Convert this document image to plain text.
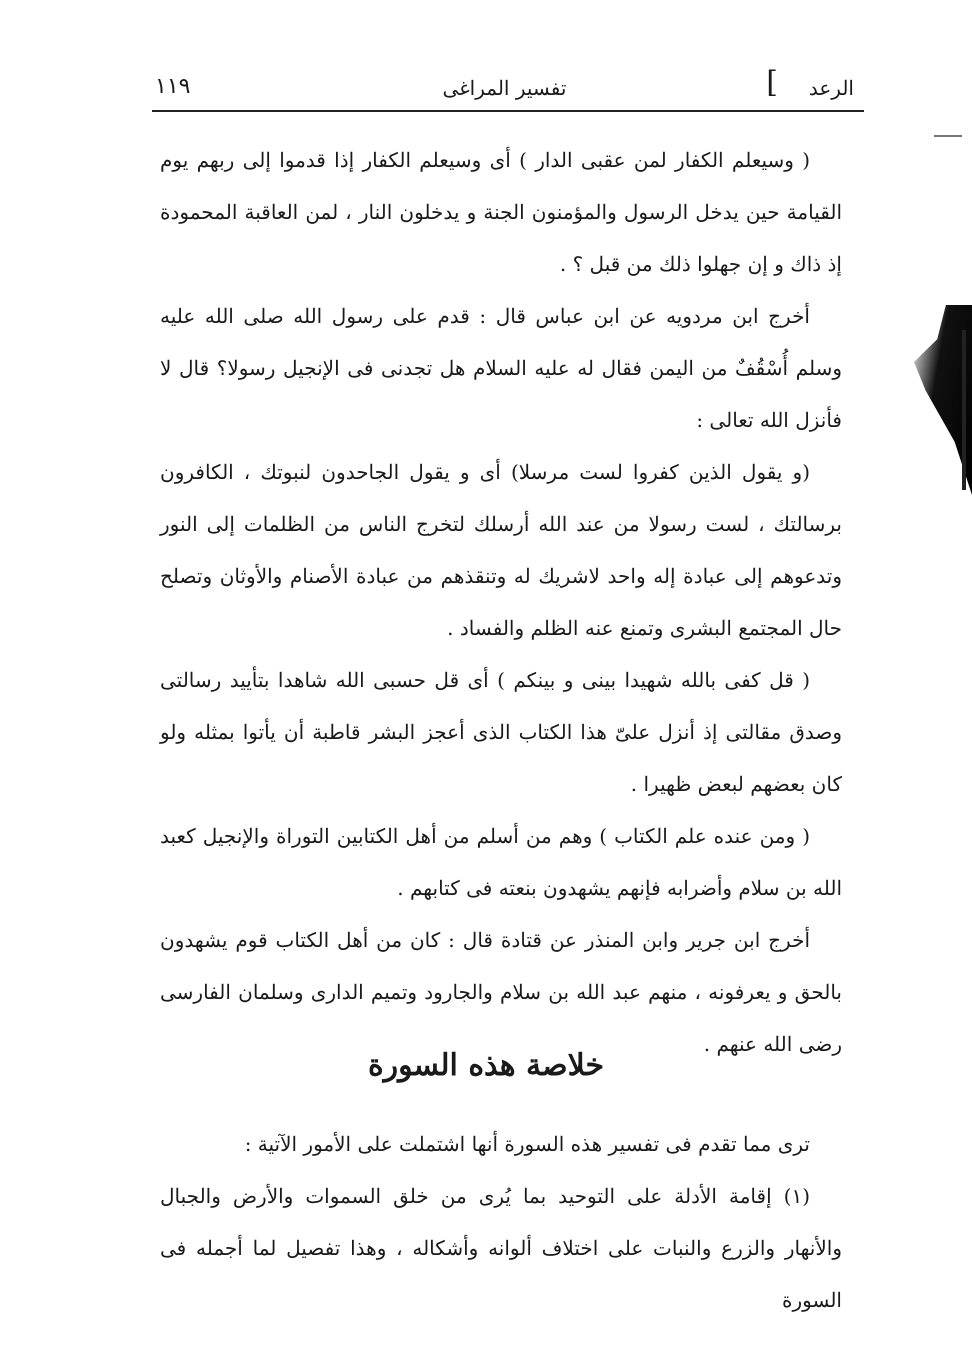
الرعد
]
تفسير المراغى
١١٩

( وسيعلم الكفار لمن عقبى الدار ) أى وسيعلم الكفار إذا قدموا إلى ربهم يوم القيامة حين يدخل الرسول والمؤمنون الجنة و يدخلون النار ، لمن العاقبة المحمودة إذ ذاك و إن جهلوا ذلك من قبل ؟ .

أخرج ابن مردويه عن ابن عباس قال : قدم على رسول الله صلى الله عليه وسلم أُسْقُفٌ من اليمن فقال له عليه السلام هل تجدنى فى الإنجيل رسولا؟ قال لا فأنزل الله تعالى :

(و يقول الذين كفروا لست مرسلا) أى و يقول الجاحدون لنبوتك ، الكافرون برسالتك ، لست رسولا من عند الله أرسلك لتخرج الناس من الظلمات إلى النور وتدعوهم إلى عبادة إله واحد لاشريك له وتنقذهم من عبادة الأصنام والأوثان وتصلح حال المجتمع البشرى وتمنع عنه الظلم والفساد .

( قل كفى بالله شهيدا بينى و بينكم ) أى قل حسبى الله شاهدا بتأييد رسالتى وصدق مقالتى إذ أنزل علىّ هذا الكتاب الذى أعجز البشر قاطبة أن يأتوا بمثله ولو كان بعضهم لبعض ظهيرا .

( ومن عنده علم الكتاب ) وهم من أسلم من أهل الكتابين التوراة والإنجيل كعبد الله بن سلام وأضرابه فإنهم يشهدون بنعته فى كتابهم .

أخرج ابن جرير وابن المنذر عن قتادة قال : كان من أهل الكتاب قوم يشهدون بالحق و يعرفونه ، منهم عبد الله بن سلام والجارود وتميم الدارى وسلمان الفارسى رضى الله عنهم .

خلاصة هذه السورة

ترى مما تقدم فى تفسير هذه السورة أنها اشتملت على الأمور الآتية :

(١) إقامة الأدلة على التوحيد بما يُرى من خلق السموات والأرض والجبال والأنهار والزرع والنبات على اختلاف ألوانه وأشكاله ، وهذا تفصيل لما أجمله فى السورة
